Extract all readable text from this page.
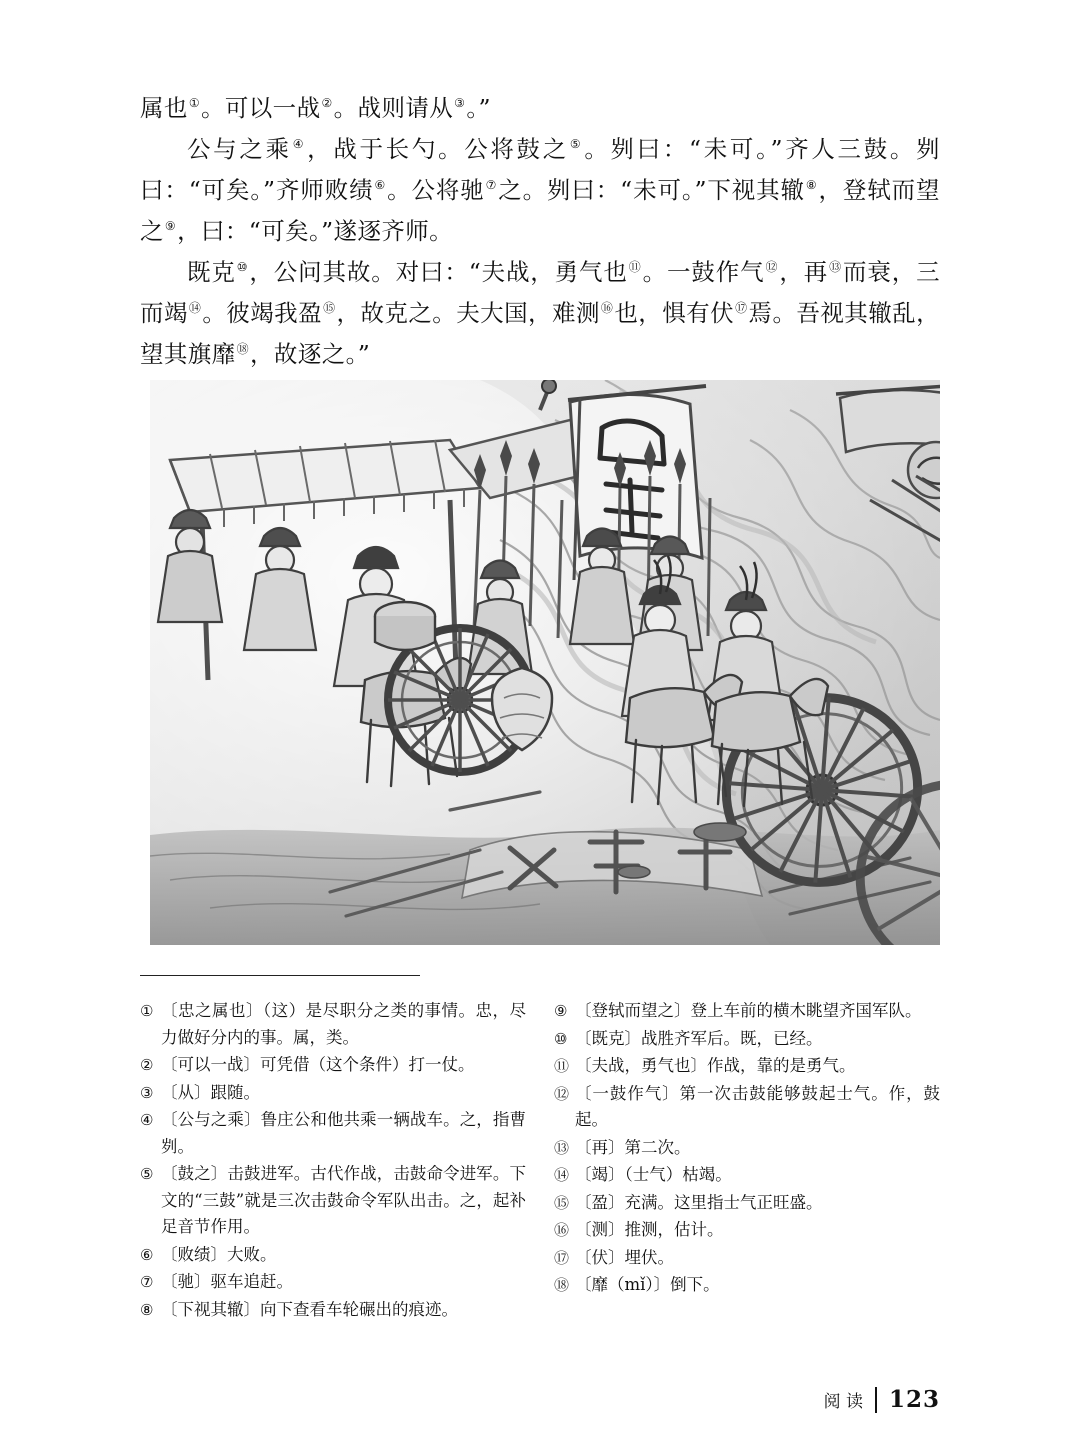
属也①。可以一战②。战则请从③。”

公与之乘④，战于长勺。公将鼓之⑤。刿曰：“未可。”齐人三鼓。刿曰：“可矣。”齐师败绩⑥。公将驰⑦之。刿曰：“未可。”下视其辙⑧，登轼而望之⑨，曰：“可矣。”遂逐齐师。

既克⑩，公问其故。对曰：“夫战，勇气也⑪。一鼓作气⑫，再⑬而衰，三而竭⑭。彼竭我盈⑮，故克之。夫大国，难测⑯也，惧有伏⑰焉。吾视其辙乱，望其旗靡⑱，故逐之。”

① 〔忠之属也〕（这）是尽职分之类的事情。忠，尽力做好分内的事。属，类。
② 〔可以一战〕可凭借（这个条件）打一仗。
③ 〔从〕跟随。
④ 〔公与之乘〕鲁庄公和他共乘一辆战车。之，指曹刿。
⑤ 〔鼓之〕击鼓进军。古代作战，击鼓命令进军。下文的“三鼓”就是三次击鼓命令军队出击。之，起补足音节作用。
⑥ 〔败绩〕大败。
⑦ 〔驰〕驱车追赶。
⑧ 〔下视其辙〕向下查看车轮碾出的痕迹。
⑨ 〔登轼而望之〕登上车前的横木眺望齐国军队。
⑩ 〔既克〕战胜齐军后。既，已经。
⑪ 〔夫战，勇气也〕作战，靠的是勇气。
⑫ 〔一鼓作气〕第一次击鼓能够鼓起士气。作，鼓起。
⑬ 〔再〕第二次。
⑭ 〔竭〕（士气）枯竭。
⑮ 〔盈〕充满。这里指士气正旺盛。
⑯ 〔测〕推测，估计。
⑰ 〔伏〕埋伏。
⑱ 〔靡（mǐ）〕倒下。
阅 读 123
